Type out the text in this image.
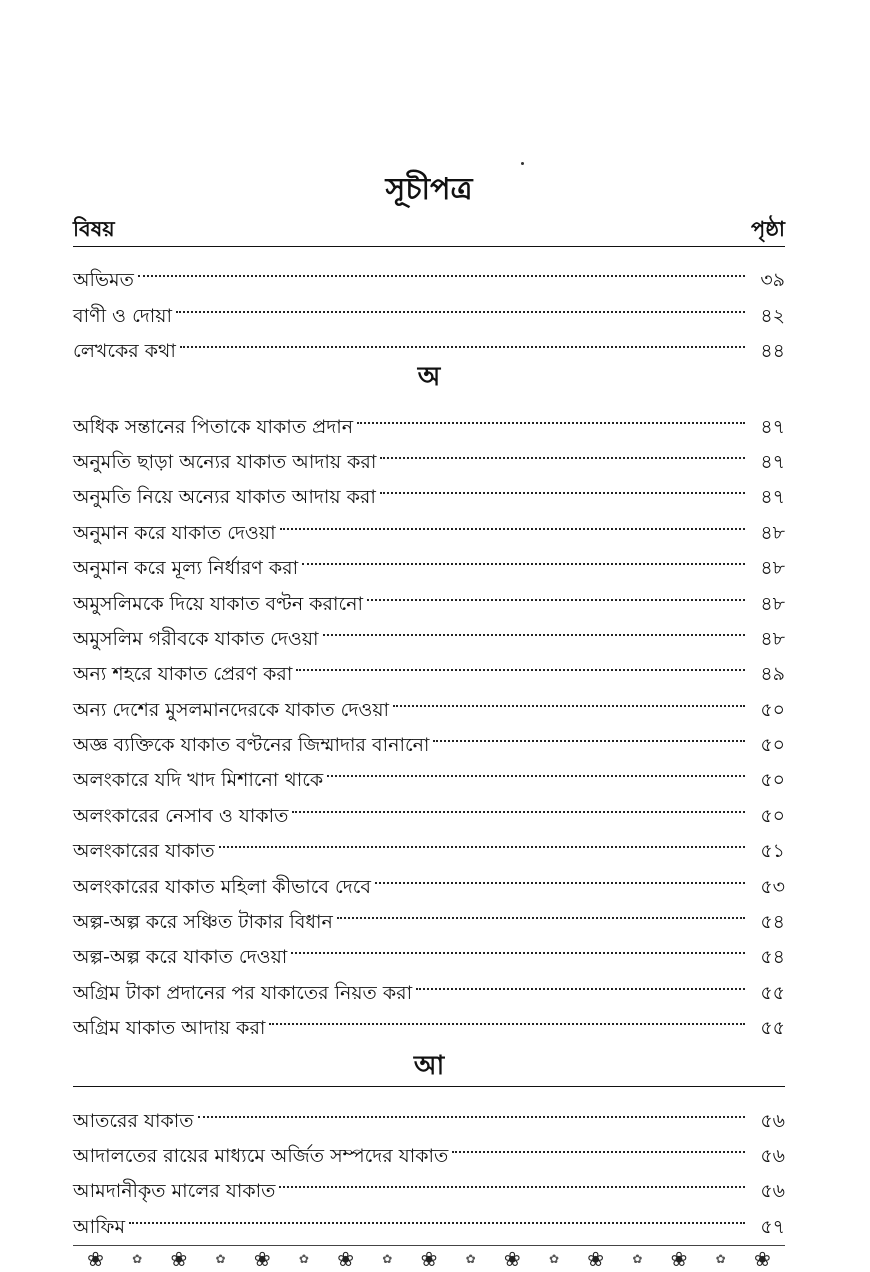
সূচীপত্র
বিষয়	পৃষ্ঠা
অভিমত	৩৯
বাণী ও দোয়া	৪২
লেখকের কথা	৪৪
অ
অধিক সন্তানের পিতাকে যাকাত প্রদান	৪৭
অনুমতি ছাড়া অন্যের যাকাত আদায় করা	৪৭
অনুমতি নিয়ে অন্যের যাকাত আদায় করা	৪৭
অনুমান করে যাকাত দেওয়া	৪৮
অনুমান করে মূল্য নির্ধারণ করা	৪৮
অমুসলিমকে দিয়ে যাকাত বণ্টন করানো	৪৮
অমুসলিম গরীবকে যাকাত দেওয়া	৪৮
অন্য শহরে যাকাত প্রেরণ করা	৪৯
অন্য দেশের মুসলমানদেরকে যাকাত দেওয়া	৫০
অজ্ঞ ব্যক্তিকে যাকাত বণ্টনের জিম্মাদার বানানো	৫০
অলংকারে যদি খাদ মিশানো থাকে	৫০
অলংকারের নেসাব ও যাকাত	৫০
অলংকারের যাকাত	৫১
অলংকারের যাকাত মহিলা কীভাবে দেবে	৫৩
অল্প-অল্প করে সঞ্চিত টাকার বিধান	৫৪
অল্প-অল্প করে যাকাত দেওয়া	৫৪
অগ্রিম টাকা প্রদানের পর যাকাতের নিয়ত করা	৫৫
অগ্রিম যাকাত আদায় করা	৫৫
আ
আতরের যাকাত	৫৬
আদালতের রায়ের মাধ্যমে অর্জিত সম্পদের যাকাত	৫৬
আমদানীকৃত মালের যাকাত	৫৬
আফিম	৫৭
❀ ✿ ❀ ✿ ❀ ✿ ❀ ✿ ❀ ✿ ❀ ✿ ❀ ✿ ❀ ✿ ❀
